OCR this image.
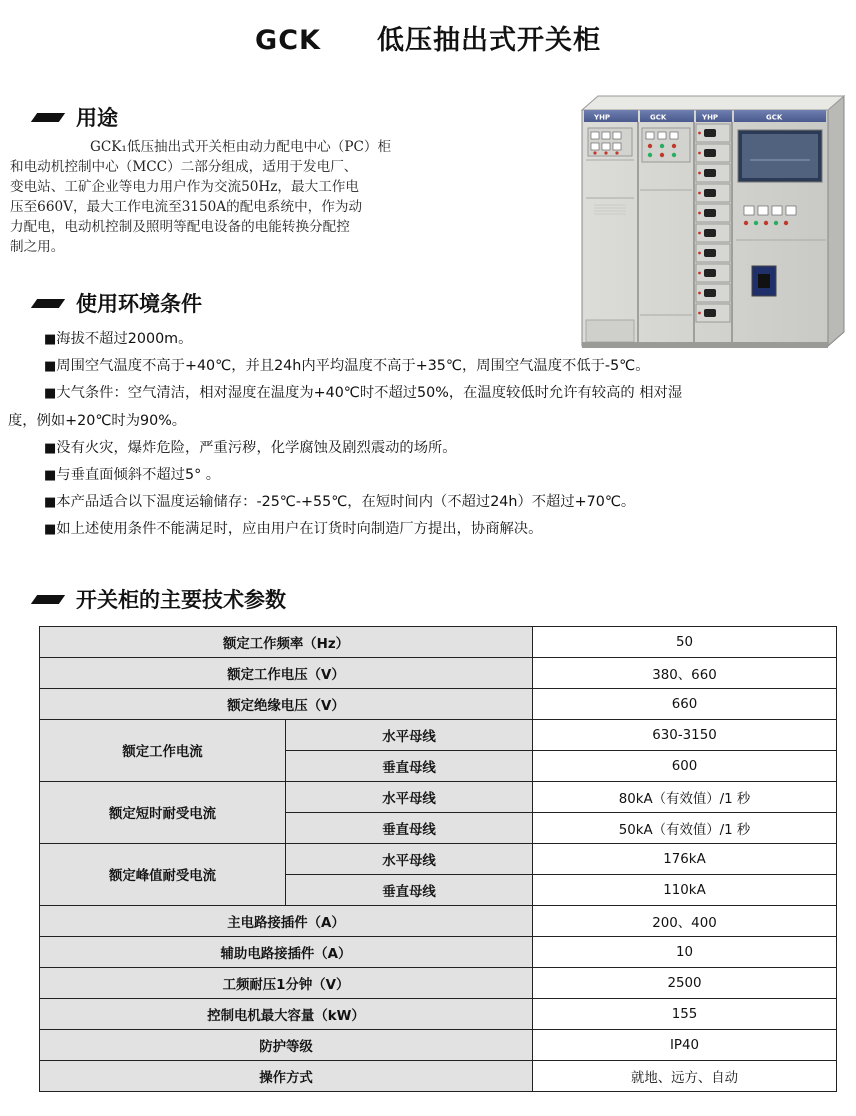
GCK 低压抽出式开关柜
用途
GCK₁低压抽出式开关柜由动力配电中心（PC）柜
和电动机控制中心（MCC）二部分组成，适用于发电厂、
变电站、工矿企业等电力用户作为交流50Hz，最大工作电
压至660V，最大工作电流至3150A的配电系统中，作为动
力配电，电动机控制及照明等配电设备的电能转换分配控
制之用。
YHP	GCK	YHP	GCK
使用环境条件
■海拔不超过2000m。
■周围空气温度不高于+40℃，并且24h内平均温度不高于+35℃，周围空气温度不低于-5℃。
■大气条件：空气清洁，相对湿度在温度为+40℃时不超过50%，在温度较低时允许有较高的 相对湿
度，例如+20℃时为90%。
■没有火灾，爆炸危险，严重污秽，化学腐蚀及剧烈震动的场所。
■与垂直面倾斜不超过5° 。
■本产品适合以下温度运输储存：-25℃-+55℃，在短时间内（不超过24h）不超过+70℃。
■如上述使用条件不能满足时，应由用户在订货时向制造厂方提出，协商解决。
开关柜的主要技术参数
额定工作频率（Hz）		50
额定工作电压（V）		380、660
额定绝缘电压（V）		660
额定工作电流	水平母线	630-3150
	垂直母线	600
额定短时耐受电流	水平母线	80kA（有效值）/1 秒
	垂直母线	50kA（有效值）/1 秒
额定峰值耐受电流	水平母线	176kA
	垂直母线	110kA
主电路接插件（A）		200、400
辅助电路接插件（A）		10
工频耐压1分钟（V）		2500
控制电机最大容量（kW）		155
防护等级		IP40
操作方式		就地、远方、自动
